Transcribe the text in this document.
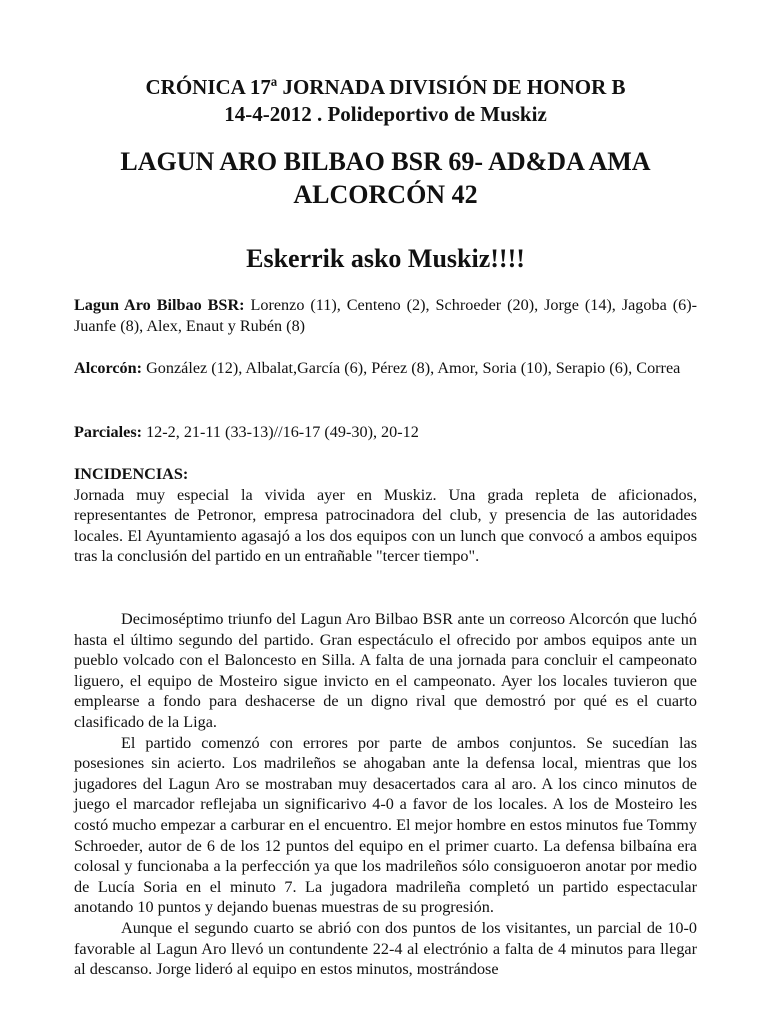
CRÓNICA 17ª JORNADA DIVISIÓN DE HONOR B
14-4-2012 . Polideportivo de Muskiz
LAGUN ARO BILBAO BSR 69- AD&DA AMA
ALCORCÓN 42
Eskerrik asko Muskiz!!!!
Lagun Aro Bilbao BSR: Lorenzo (11), Centeno (2), Schroeder (20), Jorge (14), Jagoba (6)- Juanfe (8), Alex, Enaut y Rubén (8)
Alcorcón: González (12), Albalat,García (6), Pérez (8), Amor, Soria (10), Serapio (6), Correa
Parciales: 12-2, 21-11 (33-13)//16-17 (49-30), 20-12

INCIDENCIAS:

Jornada muy especial la vivida ayer en Muskiz. Una grada repleta de aficionados, representantes de Petronor, empresa patrocinadora del club, y presencia de las autoridades locales. El Ayuntamiento agasajó a los dos equipos con un lunch que convocó a ambos equipos tras la conclusión del partido en un entrañable "tercer tiempo".

Decimoséptimo triunfo del Lagun Aro Bilbao BSR ante un correoso Alcorcón que luchó hasta el último segundo del partido. Gran espectáculo el ofrecido por ambos equipos ante un pueblo volcado con el Baloncesto en Silla. A falta de una jornada para concluir el campeonato liguero, el equipo de Mosteiro sigue invicto en el campeonato. Ayer los locales tuvieron que emplearse a fondo para deshacerse de un digno rival que demostró por qué es el cuarto clasificado de la Liga.

El partido comenzó con errores por parte de ambos conjuntos. Se sucedían las posesiones sin acierto. Los madrileños se ahogaban ante la defensa local, mientras que los jugadores del Lagun Aro se mostraban muy desacertados cara al aro. A los cinco minutos de juego el marcador reflejaba un significarivo 4-0 a favor de los locales. A los de Mosteiro les costó mucho empezar a carburar en el encuentro. El mejor hombre en estos minutos fue Tommy Schroeder, autor de 6 de los 12 puntos del equipo en el primer cuarto. La defensa bilbaína era colosal y funcionaba a la perfección ya que los madrileños sólo consiguoeron anotar por medio de Lucía Soria en el minuto 7. La jugadora madrileña completó un partido espectacular anotando 10 puntos y dejando buenas muestras de su progresión.

Aunque el segundo cuarto se abrió con dos puntos de los visitantes, un parcial de 10-0 favorable al Lagun Aro llevó un contundente 22-4 al electrónio a falta de 4 minutos para llegar al descanso. Jorge lideró al equipo en estos minutos, mostrándose
